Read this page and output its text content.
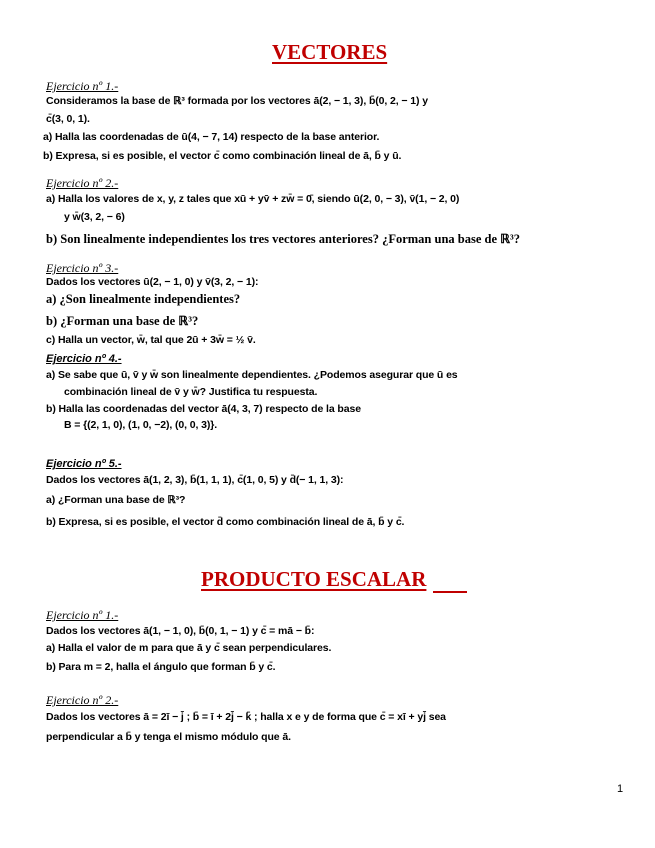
VECTORES
Ejercicio nº 1.-
Consideramos la base de ℝ³ formada por los vectores ā(2, − 1, 3), b̄(0, 2, − 1) y
c̄(3, 0, 1).
a) Halla las coordenadas de ū(4, − 7, 14) respecto de la base anterior.
b) Expresa, si es posible, el vector c̄ como combinación lineal de ā, b̄ y ū.
Ejercicio nº 2.-
a) Halla los valores de x, y, z tales que xū + yv̄ + zw̄ = 0̄, siendo ū(2, 0, − 3), v̄(1, − 2, 0)
y w̄(3, 2, − 6)
b) Son linealmente independientes los tres vectores anteriores? ¿Forman una base de ℝ³?
Ejercicio nº 3.-
Dados los vectores ū(2, − 1, 0) y v̄(3, 2, − 1):
a) ¿Son linealmente independientes?
b) ¿Forman una base de ℝ³?
c) Halla un vector, w̄, tal que 2ū + 3w̄ = ½ v̄.
Ejercicio nº 4.-
a) Se sabe que ū, v̄ y w̄ son linealmente dependientes. ¿Podemos asegurar que ū es
combinación lineal de v̄ y w̄? Justifica tu respuesta.
b) Halla las coordenadas del vector ā(4, 3, 7) respecto de la base
B = {(2, 1, 0), (1, 0, −2), (0, 0, 3)}.
Ejercicio nº 5.-
Dados los vectores ā(1, 2, 3), b̄(1, 1, 1), c̄(1, 0, 5) y d̄(− 1, 1, 3):
a) ¿Forman una base de ℝ³?
b) Expresa, si es posible, el vector d̄ como combinación lineal de ā, b̄ y c̄.
PRODUCTO ESCALAR
Ejercicio nº 1.-
Dados los vectores ā(1, − 1, 0), b̄(0, 1, − 1) y c̄ = mā − b̄:
a) Halla el valor de m para que ā y c̄ sean perpendiculares.
b) Para m = 2, halla el ángulo que forman b̄ y c̄.
Ejercicio nº 2.-
Dados los vectores ā = 2ī − j̄ ; b̄ = ī + 2j̄ − k̄ ; halla x e y de forma que c̄ = xī + yj̄ sea
perpendicular a b̄ y tenga el mismo módulo que ā.
1
